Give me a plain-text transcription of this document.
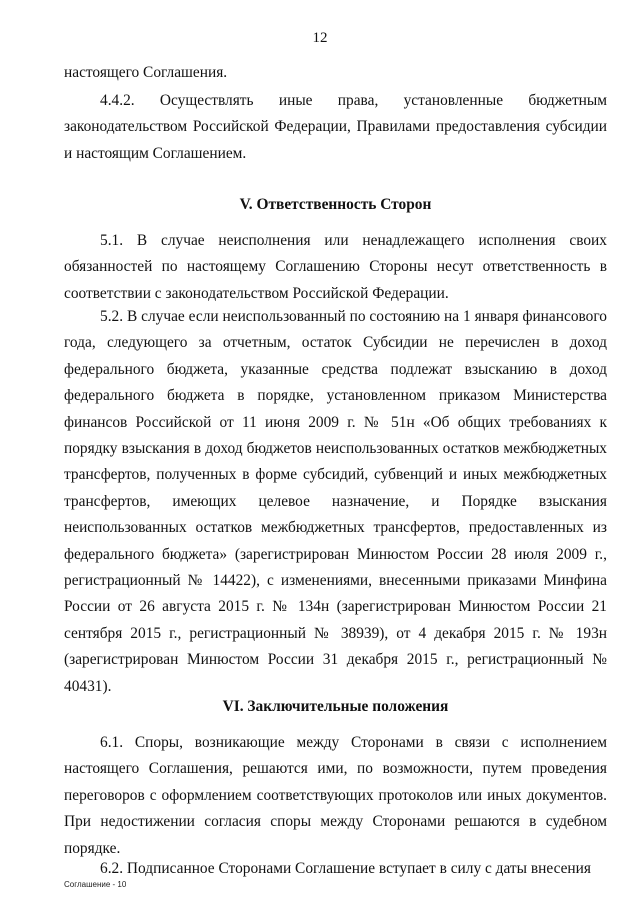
12

настоящего Соглашения.

4.4.2. Осуществлять иные права, установленные бюджетным законодательством Российской Федерации, Правилами предоставления субсидии и настоящим Соглашением.

V. Ответственность Сторон

5.1. В случае неисполнения или ненадлежащего исполнения своих обязанностей по настоящему Соглашению Стороны несут ответственность в соответствии с законодательством Российской Федерации.

5.2. В случае если неиспользованный по состоянию на 1 января финансового года, следующего за отчетным, остаток Субсидии не перечислен в доход федерального бюджета, указанные средства подлежат взысканию в доход федерального бюджета в порядке, установленном приказом Министерства финансов Российской от 11 июня 2009 г. № 51н «Об общих требованиях к порядку взыскания в доход бюджетов неиспользованных остатков межбюджетных трансфертов, полученных в форме субсидий, субвенций и иных межбюджетных трансфертов, имеющих целевое назначение, и Порядке взыскания неиспользованных остатков межбюджетных трансфертов, предоставленных из федерального бюджета» (зарегистрирован Минюстом России 28 июля 2009 г., регистрационный № 14422), с изменениями, внесенными приказами Минфина России от 26 августа 2015 г. № 134н (зарегистрирован Минюстом России 21 сентября 2015 г., регистрационный № 38939), от 4 декабря 2015 г. № 193н (зарегистрирован Минюстом России 31 декабря 2015 г., регистрационный № 40431).

VI. Заключительные положения

6.1. Споры, возникающие между Сторонами в связи с исполнением настоящего Соглашения, решаются ими, по возможности, путем проведения переговоров с оформлением соответствующих протоколов или иных документов. При недостижении согласия споры между Сторонами решаются в судебном порядке.

6.2. Подписанное Сторонами Соглашение вступает в силу с даты внесения

Соглашение - 10
